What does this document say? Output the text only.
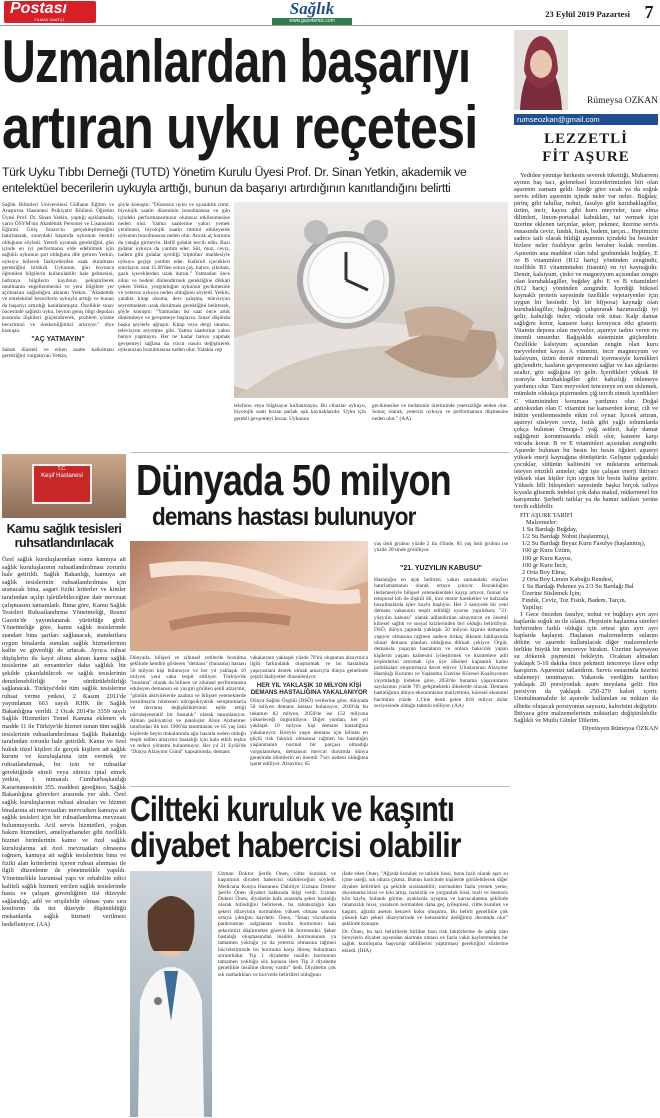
Postası
YILMAZ SAATÇİ
Sağlık
www.gazetemiz.com
23 Eylül 2019 Pazartesi 7
Uzmanlardan başarıyı
artıran uyku reçetesi
Türk Uyku Tıbbı Derneği (TUTD) Yönetim Kurulu Üyesi Prof. Dr. Sinan Yetkin, akademik ve entelektüel becerilerin uykuyla arttığı, bunun da başarıyı artırdığının kanıtlandığını belirtti

Sağlık Bilimleri Üniversitesi Gülhane Eğitim ve Araştırma Hastanesi Psikiyatri Bölümü Öğretim Üyesi Prof. Dr. Sinan Yetkin, yaptığı açıklamada, yarın ÖSYM'nin Akademik Personel ve Lisansüstü Eğitimi Giriş Sınavı'nı gerçekleştireceğini hatırlatarak, sınavdaki başarıda uykunun önemli olduğunu söyledi. Yeterli uyumak gerektiğini, gün içinde en iyi performansı elde edebilmek için sağlıklı uykunun şart olduğunu dile getiren Yetkin, uykuyu bölecek faaliyetlerden uzak durulması gerektiğini bildirdi. Uykunun, gün boyunca öğrenilen bilgilerin kullanılabilir hale gelmesini, hafızaya bilgilerin kaydının pekiştirilerek unutmanın engellenmesini ve yeni bilgilere yer açılmasını sağladığını aktaran Yetkin, "Akademik ve entelektüel becerilerin uykuyla arttığı ve bunun da başarıyı artırdığı kanıtlanmıştır. Özellikle sınav öncesinde sağlıklı uyku, beynin geniş bilgi depoları arasında ilişkileri güçlendirerek, problem çözme becerimizi ve üretkenliğimizi artırıyor." diye konuştu.

"AÇ YATMAYIN"

Sabah düzenli ve erken saatte kalkılması gerektiğini vurgulayan Yetkin,

şöyle konuştu: "Düzensiz uyku ve uyanıklık ritmi, biyolojik saatin düzeninin bozulmasına ve gün içindeki performansımızın olumsuz etkilenmesine neden olur. Yatma saatlerine yakın yemek yenilmesi, biyolojik saatin ritmini etkileyerek uykunun bozulmasına neden olur. Ancak aç karnına da yatağa girmeyin. Hafif gıdalar tercih edin. Bazı gıdalar uykuya da yardım eder. Süt, muz, ceviz, badem gibi gıdalar içerdiği 'triptofan' maddesiyle uykuya geçişe yardım eder. Kafeinli içecekleri sınırlayın, saat 15.00'den sonra çay, kahve, çikolata, gazlı içeceklerden uzak durun." Yatmadan önce zihni ve bedeni dinlendirmek gerektiğine dikkati çeken Yetkin, yorgunluğun uykunun gecikmesine ve yetersiz uykuya neden olduğunu söyledi. Yetkin, yatakta kitap okuma, ders çalışma, televizyon seyretmekten uzak durulması gerektiğini belirterek, şöyle konuştu: "Yatmadan iki saat önce artık dinlenmeye ve gevşemeye başlayın. Sınav düşünda başka şeylerle uğraşın. Kitap veya dergi okuma, televizyon seyretme gibi. Yatma saatlerine yakın banyo yapmayın. Her ne kadar banyo yapmak gevşemeyi sağlasa da vücut ısısını değiştirerek uykunuzun bozulmasına neden olur. Yatakta cep
telefonu veya bilgisayar kullanmayın. Bu cihazlar uykuyu, biyolojik saati bozan parlak ışık kaynaklarıdır. Uyku için gerekli gevşemeyi bozar. Uykunun
gecikmesine ve melatonin üretiminde yetersizliğe neden olur. Sonuç olarak, yetersiz uykuya ve performansın düşmesine neden olur." (AA)
T.C.
Keşif Hastanesi
Kamu sağlık tesisleri ruhsatlandırılacak
Özel sağlık kuruluşlarından sonra kamuya ait sağlık kuruluşlarının ruhsatlandırılması zorunlu hale getirildi. Sağlık Bakanlığı, kamuya ait sağlık tesislerinin ruhsatlandırılması için aranacak bina, asgari fiziki kriterler ve kimler tarafından açılıp işletilebileceğine dair mevzuat çalışmasını tamamladı. Buna göre, Kamu Sağlık Tesisleri Ruhsatlandırma Yönetmeliği, Resmi Gazete'de yayımlanarak yürürlüğe girdi. Yönetmeliğe göre, kamu sağlık tesislerinde standart bina şartları sağlanacak, standartlara uygun binalarda sunulan sağlık hizmetlerinin kalite ve güvenliği de artacak. Ayrıca ruhsat düşüşlerin ile kayıt altına alınan kamu sağlık tesislerine ait envanterler daha sağlıklı bir şekilde çıkarılabilecek ve sağlık tesislerinin denetlenebilirliği ve sürdürülebilirliği sağlanacak. Türkiye'deki tüm sağlık tesislerine ruhsat verme yetkisi, 2 Kasım 2011'de yayımlanan 663 sayılı KHK ile Sağlık Bakanlığına verildi. 2 Ocak 2014'te 3359 sayılı Sağlık Hizmetleri Temel Kanuna eklenen ek madde 11 ile Türkiye'de hizmet sunan tüm sağlık tesislerinin ruhsatlandırılması Sağlık Bakanlığı tarafından zorunlu hale getirildi. Kamu ve özel hukuk tüzel kişileri ile gerçek kişilere ait sağlık kurum ve kuruluşlarına izin vermek ve ruhsatlandırmak, bu izin ve ruhsatlar gerektiğinde süreli veya süresiz iptal etmek yetkisi, 1 numaralı Cumhurbaşkanlığı Kararnamesinin 355. maddesi gereğince, Sağlık Bakanlığına görevleri arasında yer aldı. Özel sağlık kuruluşlarının ruhsat almaları ve hizmet binalarına ait mevzuatları mevcutken kamuya ait sağlık tesisleri için bir ruhsatlandırma mevzuatı bulunmuyordu. Acil servis hizmetleri, yoğun bakım hizmetleri, ameliyathaneler gibi özellikli hizmet birimlerinin kamu ve özel sağlık kuruluşlarına ait özel mevzuatları olmasına rağmen, kamuya ait sağlık tesislerinin bina ve fiziki alan kriterlerini içeren ruhsat alınması ile ilgili düzenleme de yönetmelikle yapıldı. Yönetmelikle kurumsal yapı ve rehabilite edici kaliteli sağlık hizmeti verilen sağlık tesislerinde hasta ve çalışan güvenliğinin üst düzeyde sağlandığı, adil ve erişilebilir olması yanı sıra konforun da üst düzeyde düşünüldüğü mekanlarda sağlık hizmeti verilmesi hedefleniyor. (AA)
Dünyada 50 milyon
demans hastası bulunuyor
yaş üstü grubun yüzde 2 ila 4'ünde, 85 yaş üstü grubun ise yüzde 20'sinde görülüyor.
"21. YÜZYILIN KABUSU"
Hastalığın en açık belirtisi, yakın zamandaki olayları hatırlamamanın olarak ortaya çıkıyor. Bozukluğun ilerlemesiyle bilişsel yeteneklerdeki kayıp artıyor, fonnal ve temporal lob ile ilişkili dil, ince motor hareketler ve hafızada bozulmalarda işlev kaybı başlıyor. Her 3 saniyede bir yeni demans vakasının tespit edildiği uyarısı yapılırken, "21. yüzyılın kabusu" olarak adlandırılan alzaymırın en önemli küresel sağlık ve sosyal krizlerinden biri olduğu belirtiliyor. DSÖ, dünya çapında yaklaşık 50 milyon kişinin demansla yaşıyor olmasına rağmen sadece birkaç ülkenin hâlihazırda ulusal demans planları olduğuna dikkati çekiyor. Örgüt, demansla yaşayan hastaların ve onlara bakıcılık yapan kişilerin yaşam kalitesini iyileştirmek ve hizmetlere adil erişimlerini artırmak için üye ülkeleri kapsamlı kamu politikaları oluşturmaya davet ediyor. Uluslararası Alzaymır Hastalığı Kurumu ve Yaşlanma Üzerine Küresel Koalisyonun yayımladığı indekse göre, 2050'de bunama yaşayanların sayılarının yüzde 70'i gelişmekteki ülkelerde olacak. Demans hastalığının dünya ekonomisine maliyetinin, küresel ekonomi hacminin yüzde 1,1'ine denk gelen 818 milyar dolar seviyesinde olduğu tahmin ediliyor. (AA)
Dünyada, bilişsel ve zihinsel yetilerde bozulma şeklinde kendini gösteren "demans" (bunama) hastası 50 milyon kişi bulunuyor ve her yıl yaklaşık 10 milyon yeni vaka tespit ediliyor. Türkiye'de "bunama" olarak da bilinen ve zihinsel performansta etkileyen demansın en yaygın görülen şekli alzaymır, "günlük aktivitelerde azalma ve bilişsel yeteneklerde bozulmayla nitelenen nöropsikiyatrik semptomlarla ve davranış değişikliklerinin eşlik ettiği nörodejeneratif bir hastalık" olarak tanımlanıyor. Alman psikiyatrist ve patolojist Alois Alzheimer tarafından ilk kez 1906'da tanımlanan ve 65 yaş üstü kişilerde beyin dokularında ağır hasarla neden olduğu tespit edilen alzaymır hastalığı için hala etkili teşhis ve tedavi yöntemi bulunmuyor. Her yıl 21 Eylül'de "Dünya Alzaymır Günü" kapsamında, demans

vakalarının yaklaşık yüzde 70'ini oluşturan alzaymır'a ilgili farkındalık oluşturmak ve bu hastalıkla yaşayanlara destek olmak amacıyla dünya genelinde çeşitli faaliyetler düzenleniyor.

HER YIL YAKLAŞIK 10 MİLYON KİŞİ DEMANS HASTALIĞINA YAKALANIYOR

Dünya Sağlık Örgütü (DSÖ) verilerine göre, dünyada 50 milyon demans hastası bulunuyor, 2030'da bu rakamın 82 milyon, 2050'de ise 152 milyona yükseleceği öngörülüyor. Diğer yandan, her yıl yaklaşık 10 milyon kişi demans hastalığına yakalanıyor. Bireyin yaşın demans için bilinen en güçlü risk faktörü olmasına rağmen bu hastalığın yaşlanmanın normal bir parçası olmadığı vurgulanırken, demansın mevcut durumda dünya genelinde ölümlerin en önemli 7'nci nedeni olduğuna işaret ediliyor. Alzaymır, 65

Ciltteki kuruluk ve kaşıntı
diyabet habercisi olabilir
Uzman Doktor Şerife Önen, ciltte kuruluk ve kaşıntının diyabet habercisi olabileceğini söyledi. Medicana Konya Hastanesi Dahiliye Uzmanı Doktor Şerife Önen diyabet hakkında bilgi verdi. Uzman Doktor Önen, diyabetin halk arasında şeker hastalığı olarak bilindiğini belirterek, bu rahatsızlığın kan şekeri düzeyinin normalden yüksek olması sonucu ortaya çıktığını kaydetti. Önen, "İnsan vücudunda pankreastan salgılanan insulin hormonun kan şekerimizi düşürmekte görevli bir hormondur. Şeker hastalığı oluşmasından insülin hormonunun ya tamamen yokluğu ya da yetersiz olmasına rağmen hücrelerimizde bu hormona karşı direnç bulunması sorumludur. Tip 1 diyabette insülin hormonun tamamen yokluğu söz konusu iken Tip 2 diyabette genellikle insüline direnç vardır" dedi. Diyabetin çok sık rastladıkları ve kuvvetle belirtileri olduğunu

ifade eden Önen, "Ağızda kuruluk ve tatlılık hissi, bunu hızlı olarak aşırı su içme isteği, sık idrara çıkma. Bunun haricinde kişilerde görülebilecek diğer diyabet belirtileri şu şekilde sıralanabilir; normalden fazla yemek yeme, doyamama hissi ve kilo artışı, halsizlik ve yorgunluk hissi, hızlı ve istemsiz kilo kaybı, bulanık görme, ayaklarda uyuşma ve karıncalanma şeklinde rahatsızlık hissi, yaraların normalden daha geç iyileşmesi, ciltte kuruluk ve kaşıntı, ağızda aseton benzeri koku oluşumu. Bu belirti genellikle çok yüksek kan şekeri düzeylerinde ve ketoasidoz dediğimiz durumda olur" şeklinde konuştu.

Dr. Önen, bu tarz belirtilerle birlikte bazı risk faktörlerine de sahip olan bireylerin diyabet açısından alarmda olması ve fazla vakit kaybetmeden bir sağlık kuruluşuna başvurup tahlillerini yaptırması gerektiğini sözlerine ekledi. (İHA)

Rümeysa ÖZKAN
rumseozkan@gmail.com
LEZZETLİ
FİT AŞURE

Yediden yetmişe herkesin severek tükettiği, Muharrem ayının baş tacı, geleneksel lezzetlerimizden biri olan aşurenin zamanı geldi. İsteğe göre sıcak ya da soğuk servis edilen aşurenin içinde neler var neler.. Buğday, pirinç gibi tahıllar, nohut, fasulye gibi kurubaklagiller, üzüm, incir, kayısı gibi kuru meyveler, taze elma dilimleri, limon-portakal kabukları, tat vermek için üzerine eklenen tarçınlar, şeker, pekmez, üzerine servis esnasında ceviz, fındık, fıstık, badem, tarçın... Hepimizin sadece tatlı olarak bildiği aşurenin içindeki bu besinler bizlere neler fısıldıyor gelin beraber kulak verelim. Aşurenin ana maddesi olan tahıl grubundaki buğday, E ve B vitaminleri (B12 hariç) yönünden zengindir, özellikle B1 vitamininden (tiamin) en iyi kaynağıdır. Demir, kalsiyum, çinko ve magnezyum açısından zengin olan kurubaklagiller, buğday gibi E ve B vitaminleri (B12 hariç) yönünden zengindir. İçerdiği bitkisel kaynaklı protein sayesinde özellikle vejetaryenler için uygun bir besindir. İyi bir lif(posa) kaynağı olan kurubaklagiller, bağırsağı çalıştırarak hazımsızlığı iyi gelir, kabızlığı önler, vücuda tok tutar. Kalp damar sağlığını korur, kansere karşı koruyucu etki gösterir. Vitamin deposu olan meyveler, aşureye tadını veren en önemli unsurdur. Bağışıklık sisteminin güçlendirir. Özellikle kalsiyum açısından zengin olan kuru meyvelerden kayısı A vitamini, incir magnezyum ve kalsiyum, üzüm demir minerali içermesiyle kemikleri güçlendirir, kasların gevşemesini sağlar ve kas ağrılarını azaltır, göz sağlığına iyi gelir. İçerdikleri yüksek lif oranıyla kurubaklagiller gibi kabızlığı önlemeye yardımcı olur. Taze meyveleri tencereye en son eklemek, mümkün oldukça pişirmeden çiğ tercih etmek içerdikleri C vitamininden koruması yardımcı olur. Doğal antioksidan olan C vitamini ise kanserden korur, cilt ve bütün yenilenmesinde etkin rol oynar. İçecek artıran, aşureyi süsleyen ceviz, fıstık gibi yağlı tohumlarda çokça bulunan Omega-3 yağ asitleri, kalp damar sağlığının korunmasında etkili olur, kansere karşı vücudu korur. B ve E vitaminleri açısından zengindir. Aşurede bulunan bu besin bu besin öğeleri aşureyi yüksek enerji kaynağına dönüştürür. Gelişme çağındaki çocuklar, sütünün kalitesini ve miktarını arttırmak isteyen emzikli anneler, ağır işte çalışan enerji ihtiyacı yüksek olan kişiler için uygun bir besin haline getirir. Yüksek lifli bileşenleri sayesinde başka birçok tatlıya kıyasla glisemik indeksi çok daha makul, mükemmel bir karışımdır. Şerbetli tatlılar ya da hamur tatlıları yerine tercih edilebilir.

FİT AŞURE TARİFİ
Malzemeler:
1 Su Bardağı Buğday,
1/2 Su Bardağı Nohut (haşlanmış),
1/2 Su Bardağı Beyaz Kuru Fasulye (haşlanmış),
100 gr Kuru Üzüm,
100 gr Kuru Kayısı,
100 gr Kuru İncir,
2 Orta Boy Elma,
2 Orta Boy Limon Kabuğu Rendesi,
1 Su Bardağı Pekmez ya 2/3 Su Bardağı Bal
Üzerine Süslemek İçin;
Fındık, Ceviz, Toz Fıstık, Badem, Tarçın.
Yapılışı:

1 Gece önceden fasulye, nohut ve buğdayı ayrı ayrı kaplarda soğuk su ile islatın. Hepsinin haşlanma süreleri birbirinden farklı olduğu için ertesi gün ayrı ayrı kaplarda haşlayın. Haşlanan malzemelerin sularını dökün ve aşurede kullanılacak diğer malzemelerle birlikte büyük bir tencereye birakın. Üzerine kaynayan su dökerek pişmesini bekleyin. Ocaktan almadan yaklaşık 5-10 dakika önce pekmezi tencereye ilave edip karıştırın. Aşurenizi tatlandırın. Servis esnasında üzerini süslemeyi unutmayın. Yukarıda verdiğim tariften yaklaşık 20 porsiyonluk aşure meydana gelir. Her porsiyon da yaklaşık 250-270 kalori içerir. Unutulmamalıdır ki aşurede kullanılan su miktarı da elbette olușacak porsiyonun sayısını, kalorisini değiştirir. İhtiyaca göre malzemelerinin miktarları değiştirilebilir. Sağlıklı ve Mutlu Günler Dilerim.

Diyetisyen Rümeysa ÖZKAN
